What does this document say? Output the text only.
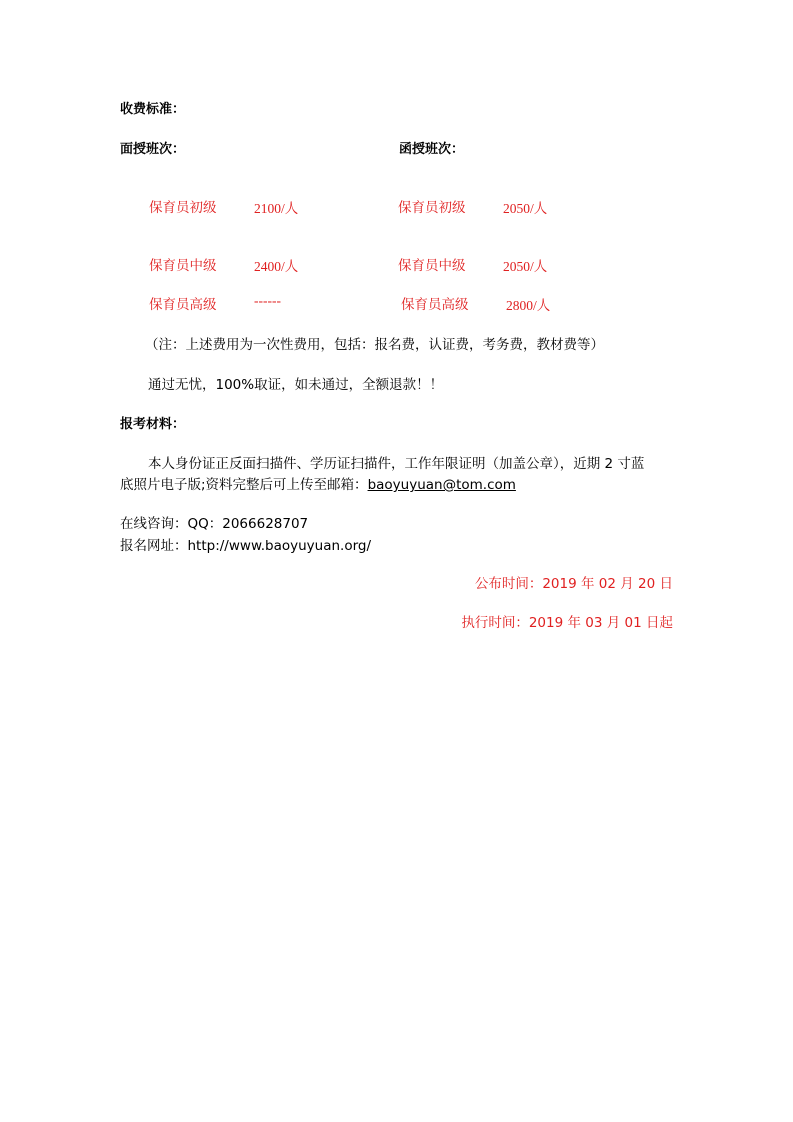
收费标准：
面授班次：	函授班次：
保育员初级	2100/人	保育员初级	2050/人
保育员中级	2400/人	保育员中级	2050/人
保育员高级	------	保育员高级	2800/人
（注：上述费用为一次性费用，包括：报名费，认证费，考务费，教材费等）
通过无忧，100%取证，如未通过，全额退款！！
报考材料：
本人身份证正反面扫描件、学历证扫描件，工作年限证明（加盖公章），近期 2 寸蓝
底照片电子版;资料完整后可上传至邮箱：baoyuyuan@tom.com
在线咨询：QQ：2066628707
报名网址：http://www.baoyuyuan.org/
公布时间：2019 年 02 月 20 日
执行时间：2019 年 03 月 01 日起
